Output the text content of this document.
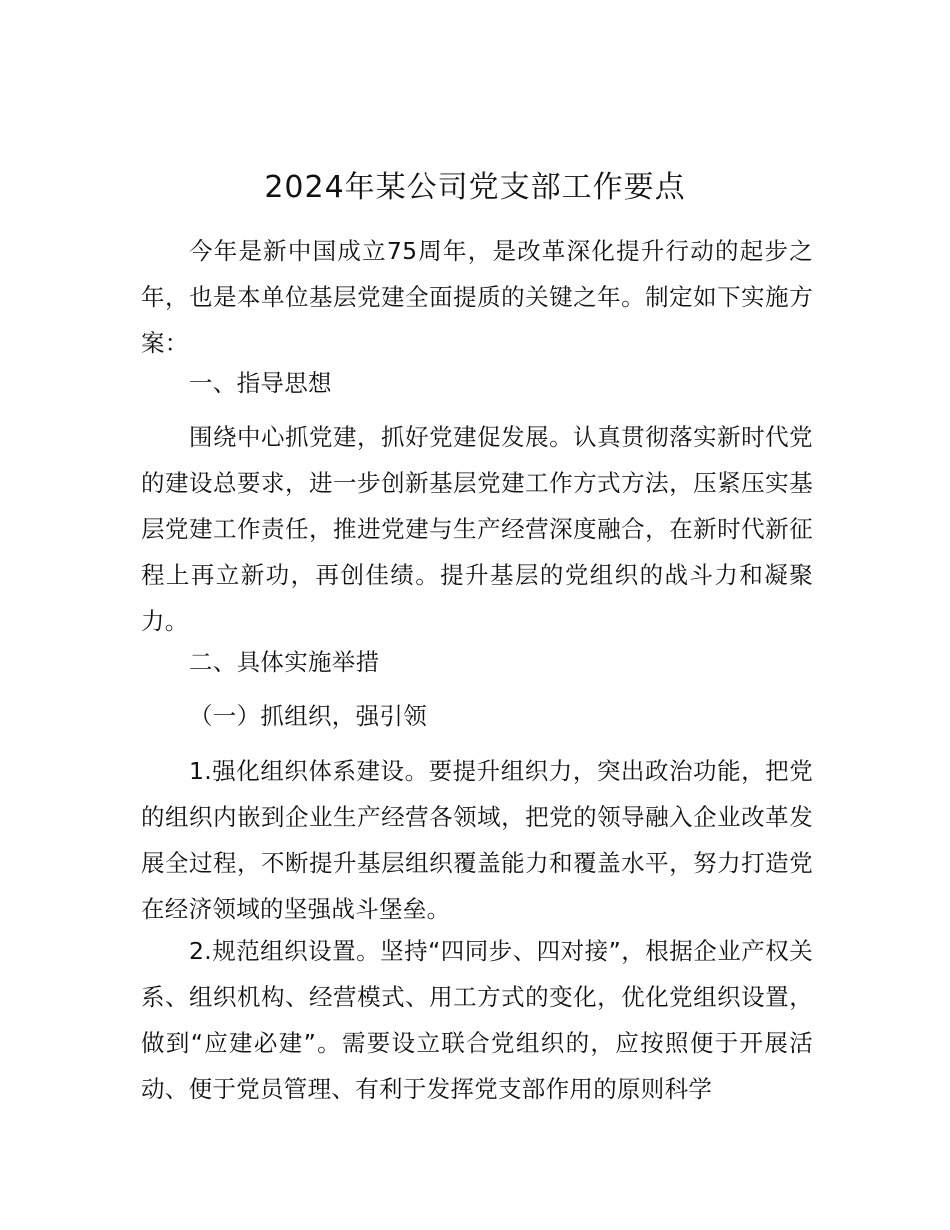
2024年某公司党支部工作要点

今年是新中国成立75周年，是改革深化提升行动的起步之年，也是本单位基层党建全面提质的关键之年。制定如下实施方案：

一、指导思想

围绕中心抓党建，抓好党建促发展。认真贯彻落实新时代党的建设总要求，进一步创新基层党建工作方式方法，压紧压实基层党建工作责任，推进党建与生产经营深度融合，在新时代新征程上再立新功，再创佳绩。提升基层的党组织的战斗力和凝聚力。

二、具体实施举措

（一）抓组织，强引领

1.强化组织体系建设。要提升组织力，突出政治功能，把党的组织内嵌到企业生产经营各领域，把党的领导融入企业改革发展全过程，不断提升基层组织覆盖能力和覆盖水平，努力打造党在经济领域的坚强战斗堡垒。

2.规范组织设置。坚持“四同步、四对接”，根据企业产权关系、组织机构、经营模式、用工方式的变化，优化党组织设置，做到“应建必建”。需要设立联合党组织的，应按照便于开展活动、便于党员管理、有利于发挥党支部作用的原则科学
